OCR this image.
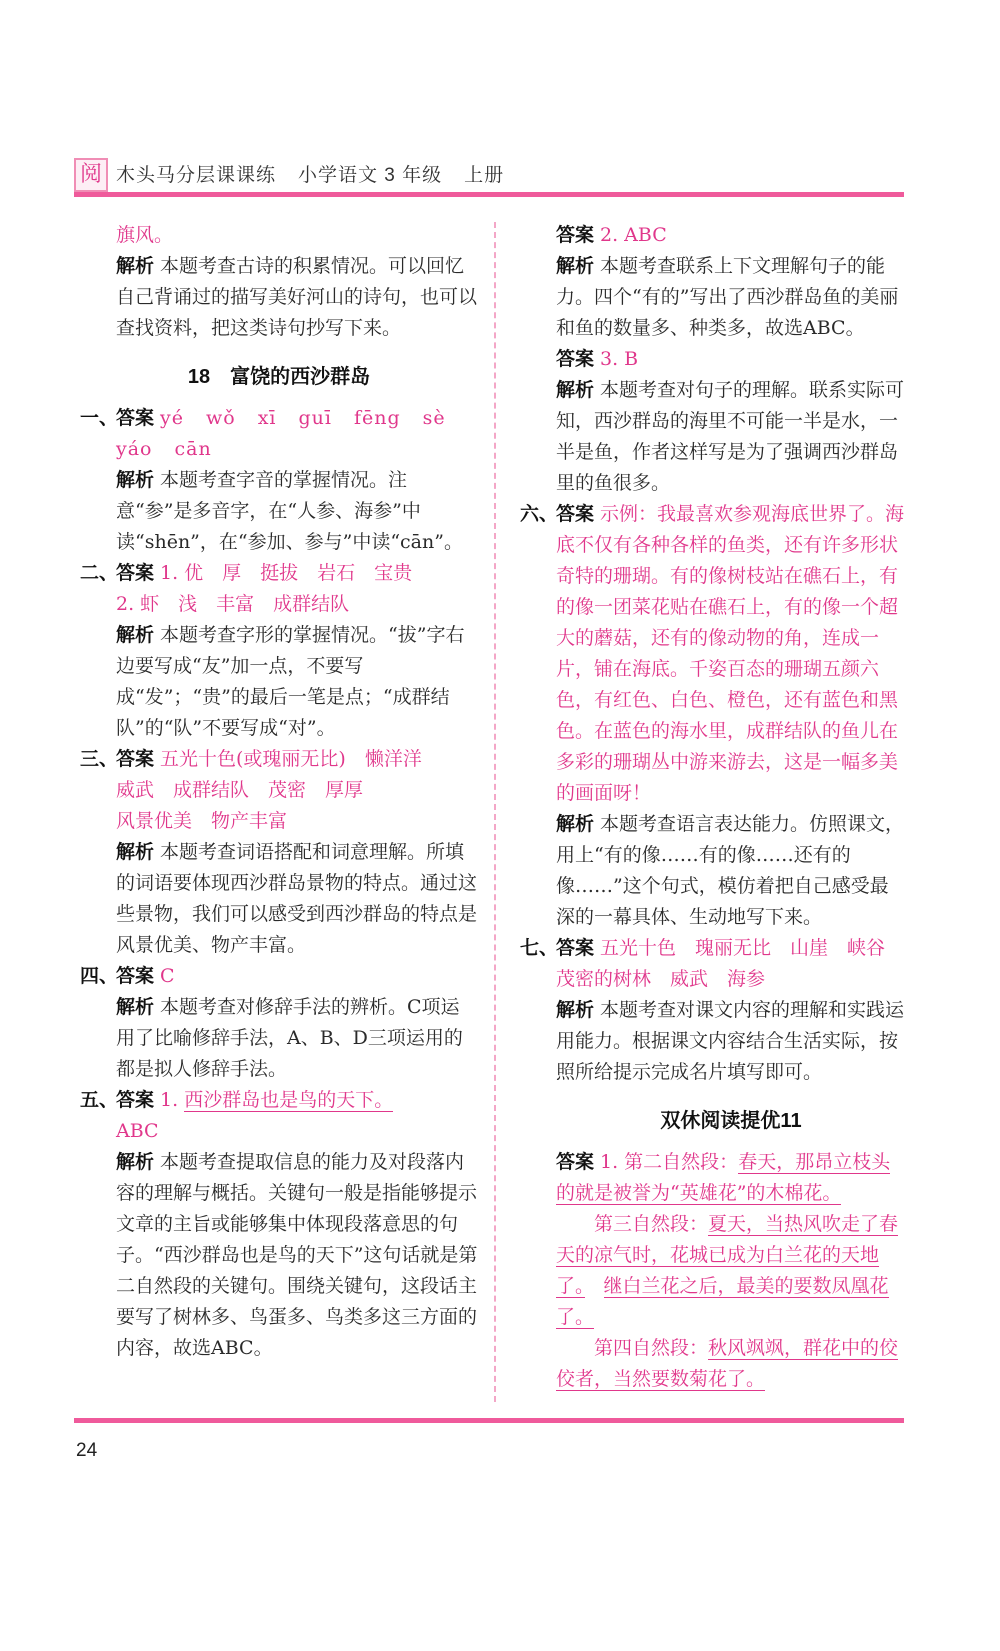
阅 木头马分层课课练 小学语文 3 年级 上册

旗风。

解析 本题考查古诗的积累情况。可以回忆自己背诵过的描写美好河山的诗句，也可以查找资料，把这类诗句抄写下来。

18　富饶的西沙群岛

一、答案 yé wǒ xī guī fēng sè

yáo cān

解析 本题考查字音的掌握情况。注意“参”是多音字，在“人参、海参”中读“shēn”，在“参加、参与”中读“cān”。

二、答案 1. 优　厚　挺拔　岩石　宝贵

2. 虾　浅　丰富　成群结队

解析 本题考查字形的掌握情况。“拔”字右边要写成“友”加一点，不要写成“发”；“贵”的最后一笔是点；“成群结队”的“队”不要写成“对”。

三、答案 五光十色(或瑰丽无比)　懒洋洋

威武　成群结队　茂密　厚厚

风景优美　物产丰富

解析 本题考查词语搭配和词意理解。所填的词语要体现西沙群岛景物的特点。通过这些景物，我们可以感受到西沙群岛的特点是风景优美、物产丰富。

四、答案 C

解析 本题考查对修辞手法的辨析。C项运用了比喻修辞手法，A、B、D三项运用的都是拟人修辞手法。

五、答案 1. 西沙群岛也是鸟的天下。

ABC

解析 本题考查提取信息的能力及对段落内容的理解与概括。关键句一般是指能够提示文章的主旨或能够集中体现段落意思的句子。“西沙群岛也是鸟的天下”这句话就是第二自然段的关键句。围绕关键句，这段话主要写了树林多、鸟蛋多、鸟类多这三方面的内容，故选ABC。

答案 2. ABC

解析 本题考查联系上下文理解句子的能力。四个“有的”写出了西沙群岛鱼的美丽和鱼的数量多、种类多，故选ABC。

答案 3. B

解析 本题考查对句子的理解。联系实际可知，西沙群岛的海里不可能一半是水，一半是鱼，作者这样写是为了强调西沙群岛里的鱼很多。

六、答案 示例：我最喜欢参观海底世界了。海底不仅有各种各样的鱼类，还有许多形状奇特的珊瑚。有的像树枝站在礁石上，有的像一团菜花贴在礁石上，有的像一个超大的蘑菇，还有的像动物的角，连成一片，铺在海底。千姿百态的珊瑚五颜六色，有红色、白色、橙色，还有蓝色和黑色。在蓝色的海水里，成群结队的鱼儿在多彩的珊瑚丛中游来游去，这是一幅多美的画面呀！

解析 本题考查语言表达能力。仿照课文，用上“有的像……有的像……还有的像……”这个句式，模仿着把自己感受最深的一幕具体、生动地写下来。

七、答案 五光十色　瑰丽无比　山崖　峡谷　茂密的树林　威武　海参

解析 本题考查对课文内容的理解和实践运用能力。根据课文内容结合生活实际，按照所给提示完成名片填写即可。

双休阅读提优11

答案 1. 第二自然段：春天，那昂立枝头的就是被誉为“英雄花”的木棉花。

第三自然段：夏天，当热风吹走了春天的凉气时，花城已成为白兰花的天地了。　 继白兰花之后，最美的要数凤凰花了。

第四自然段：秋风飒飒，群花中的佼佼者，当然要数菊花了。

24
